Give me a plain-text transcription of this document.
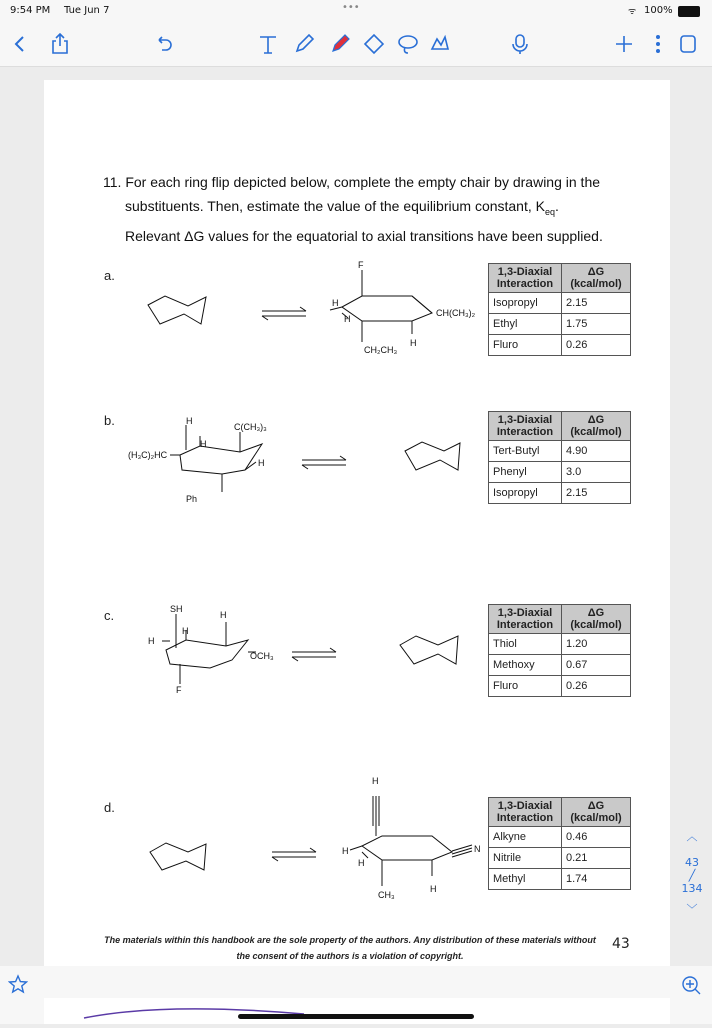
9:54 PM Tue Jun 7	•••	ᯤ 100%
11. For each ring flip depicted below, complete the empty chair by drawing in the
substituents. Then, estimate the value of the equilibrium constant, $K_{eq}$.
Relevant ΔG values for the equatorial to axial transitions have been supplied.
a.
b.
c.
d.
F
H
H
CH(CH₃)₂
CH₂CH₃
H
H
C(CH₃)₃
H
(H₃C)₂HC
H
Ph
SH
H
H
H
OCH₃
F
H
H
H
N
CH₃
H
1,3-Diaxial Interaction	ΔG (kcal/mol)
Isopropyl	2.15
Ethyl	1.75
Fluro	0.26
1,3-Diaxial Interaction	ΔG (kcal/mol)
Tert-Butyl	4.90
Phenyl	3.0
Isopropyl	2.15
1,3-Diaxial Interaction	ΔG (kcal/mol)
Thiol	1.20
Methoxy	0.67
Fluro	0.26
1,3-Diaxial Interaction	ΔG (kcal/mol)
Alkyne	0.46
Nitrile	0.21
Methyl	1.74
The materials within this handbook are the sole property of the authors. Any distribution of these materials without
the consent of the authors is a violation of copyright.
43
︿
43
╱
134
﹀
